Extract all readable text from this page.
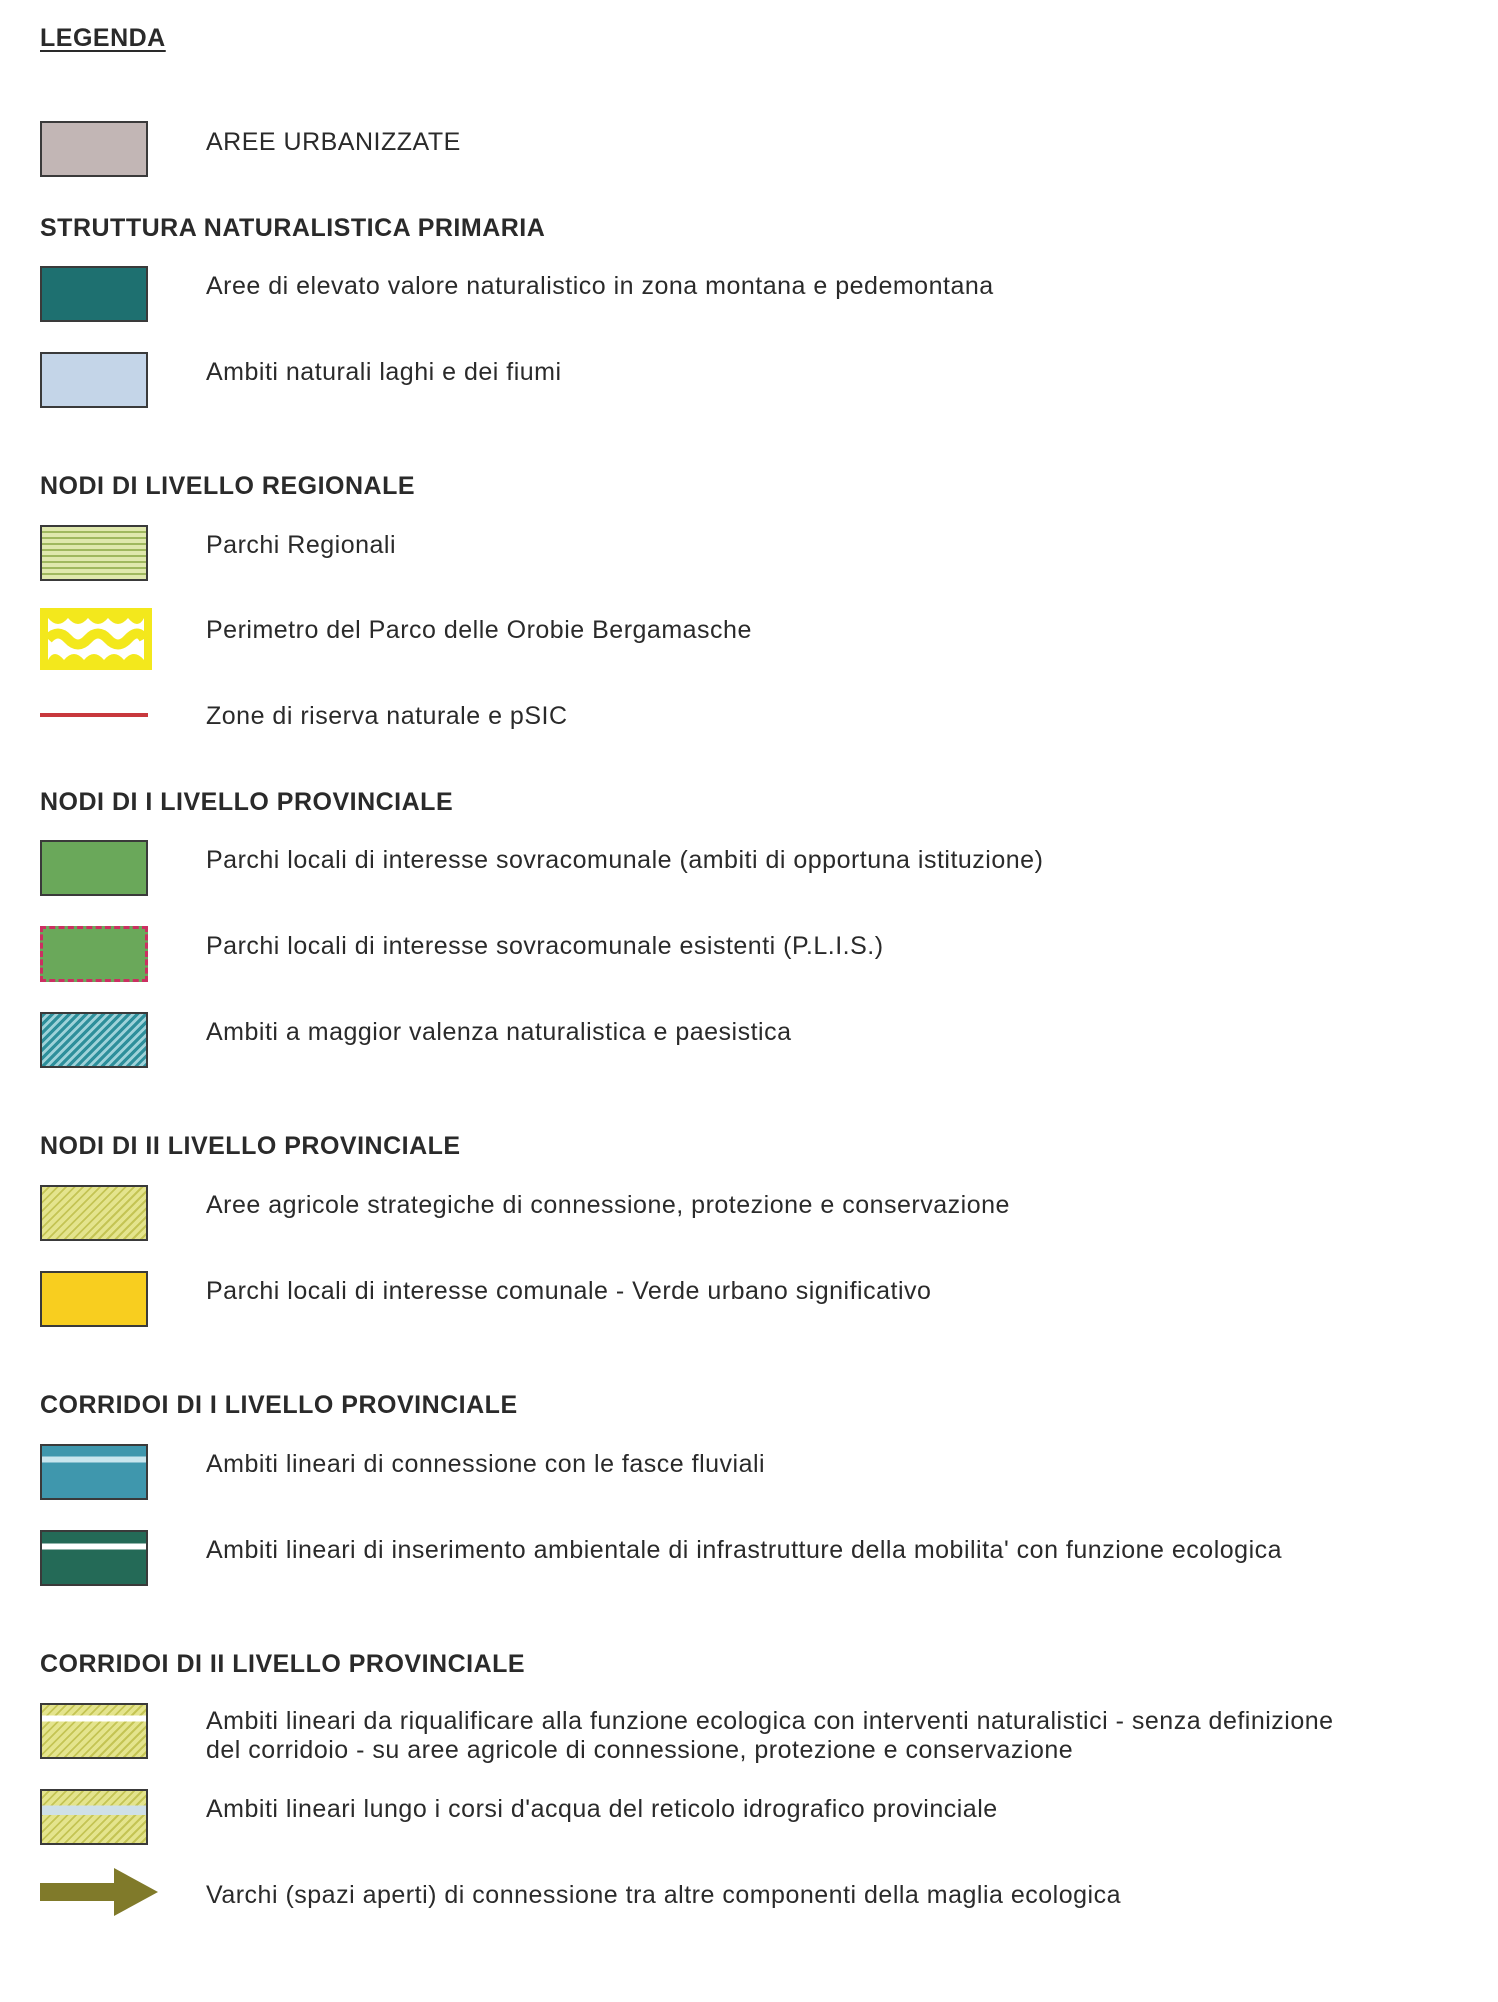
LEGENDA
AREE URBANIZZATE
STRUTTURA NATURALISTICA PRIMARIA
Aree di elevato valore naturalistico in zona montana e pedemontana
Ambiti naturali laghi e dei fiumi
NODI DI LIVELLO REGIONALE
Parchi Regionali
Perimetro del Parco delle Orobie Bergamasche
Zone di riserva naturale e pSIC
NODI DI I LIVELLO PROVINCIALE
Parchi locali di interesse sovracomunale (ambiti di opportuna istituzione)
Parchi locali di interesse sovracomunale esistenti (P.L.I.S.)
Ambiti a maggior valenza naturalistica e paesistica
NODI DI II LIVELLO PROVINCIALE
Aree agricole strategiche di connessione, protezione e conservazione
Parchi locali di interesse comunale - Verde urbano significativo
CORRIDOI DI I LIVELLO PROVINCIALE
Ambiti lineari di connessione con le fasce fluviali
Ambiti lineari di inserimento ambientale di infrastrutture della mobilita' con funzione ecologica
CORRIDOI DI II LIVELLO PROVINCIALE
Ambiti lineari da riqualificare alla funzione ecologica con interventi naturalistici - senza definizione
del corridoio - su aree agricole di connessione, protezione e conservazione
Ambiti lineari lungo i corsi d'acqua del reticolo idrografico provinciale
Varchi (spazi aperti) di connessione tra altre componenti della maglia ecologica
